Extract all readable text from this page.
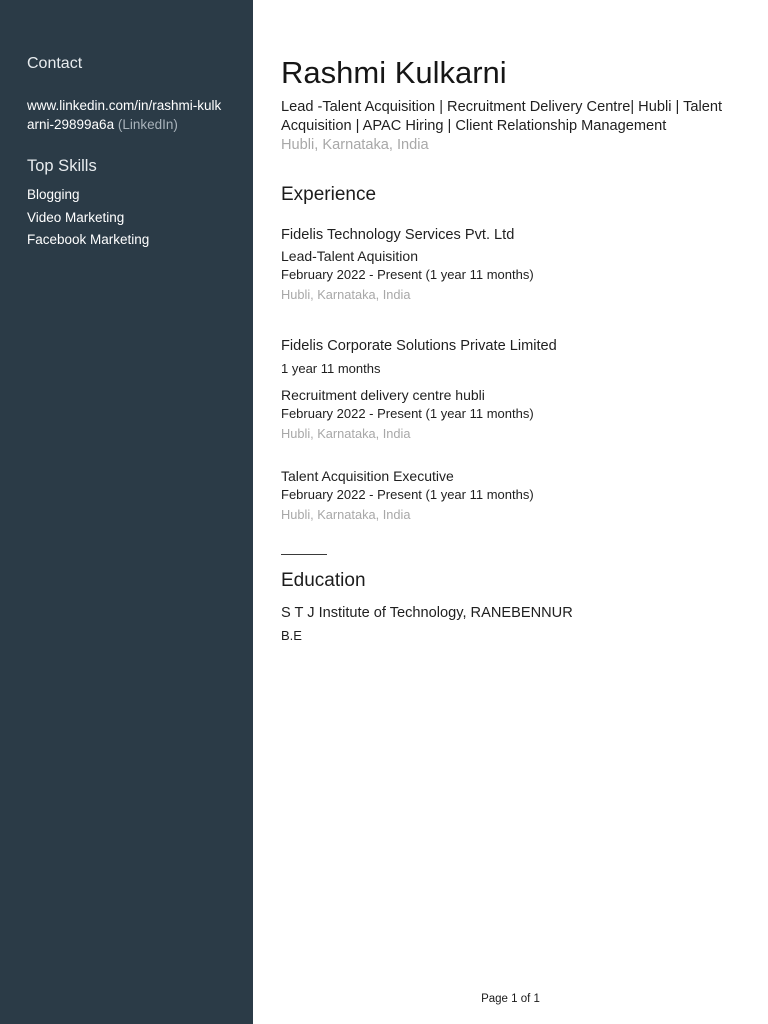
Contact
www.linkedin.com/in/rashmi-kulkarni-29899a6a (LinkedIn)
Top Skills
Blogging
Video Marketing
Facebook Marketing
Rashmi Kulkarni
Lead -Talent Acquisition | Recruitment Delivery Centre| Hubli | Talent Acquisition | APAC Hiring | Client Relationship Management
Hubli, Karnataka, India
Experience
Fidelis Technology Services Pvt. Ltd
Lead-Talent Aquisition
February 2022 - Present (1 year 11 months)
Hubli, Karnataka, India
Fidelis Corporate Solutions Private Limited
1 year 11 months
Recruitment delivery centre hubli
February 2022 - Present (1 year 11 months)
Hubli, Karnataka, India
Talent Acquisition Executive
February 2022 - Present (1 year 11 months)
Hubli, Karnataka, India
Education
S T J Institute of Technology, RANEBENNUR
B.E
Page 1 of 1
